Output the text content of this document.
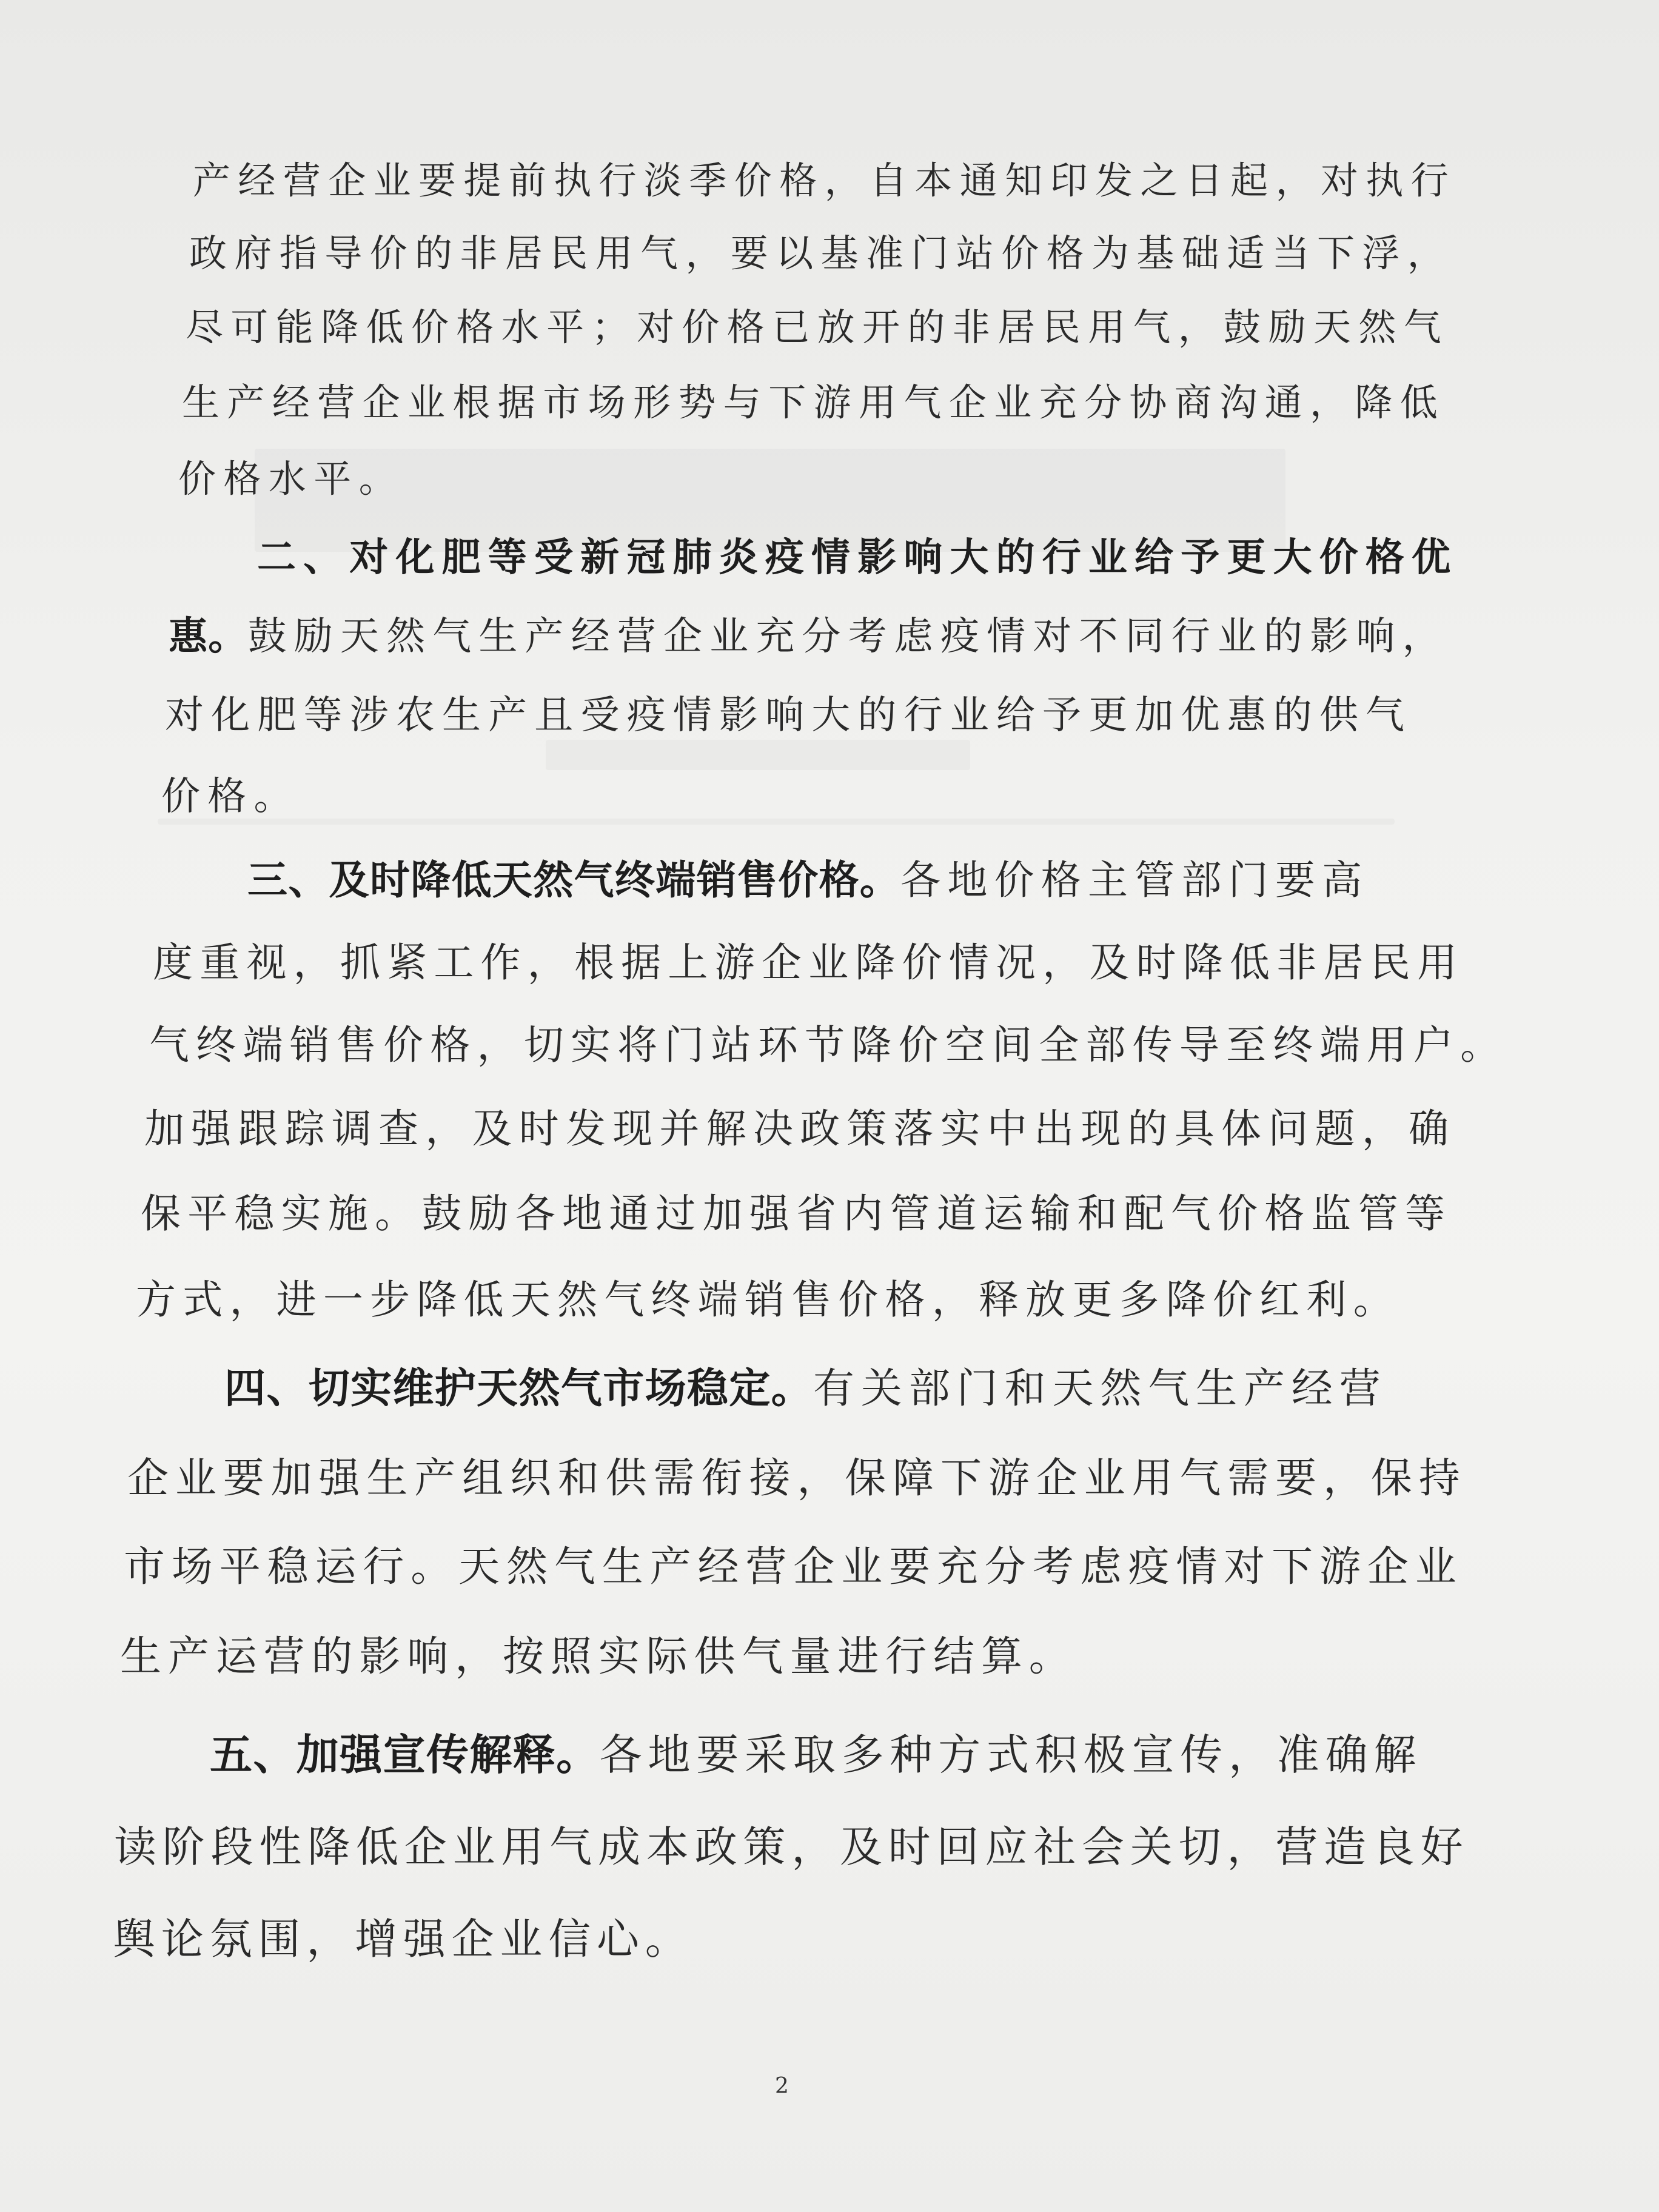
产经营企业要提前执行淡季价格，自本通知印发之日起，对执行
政府指导价的非居民用气，要以基准门站价格为基础适当下浮，
尽可能降低价格水平；对价格已放开的非居民用气，鼓励天然气
生产经营企业根据市场形势与下游用气企业充分协商沟通，降低
价格水平。
二、对化肥等受新冠肺炎疫情影响大的行业给予更大价格优
惠。鼓励天然气生产经营企业充分考虑疫情对不同行业的影响，
对化肥等涉农生产且受疫情影响大的行业给予更加优惠的供气
价格。
三、及时降低天然气终端销售价格。各地价格主管部门要高
度重视，抓紧工作，根据上游企业降价情况，及时降低非居民用
气终端销售价格，切实将门站环节降价空间全部传导至终端用户。
加强跟踪调查，及时发现并解决政策落实中出现的具体问题，确
保平稳实施。鼓励各地通过加强省内管道运输和配气价格监管等
方式，进一步降低天然气终端销售价格，释放更多降价红利。
四、切实维护天然气市场稳定。有关部门和天然气生产经营
企业要加强生产组织和供需衔接，保障下游企业用气需要，保持
市场平稳运行。天然气生产经营企业要充分考虑疫情对下游企业
生产运营的影响，按照实际供气量进行结算。
五、加强宣传解释。各地要采取多种方式积极宣传，准确解
读阶段性降低企业用气成本政策，及时回应社会关切，营造良好
舆论氛围，增强企业信心。
2
